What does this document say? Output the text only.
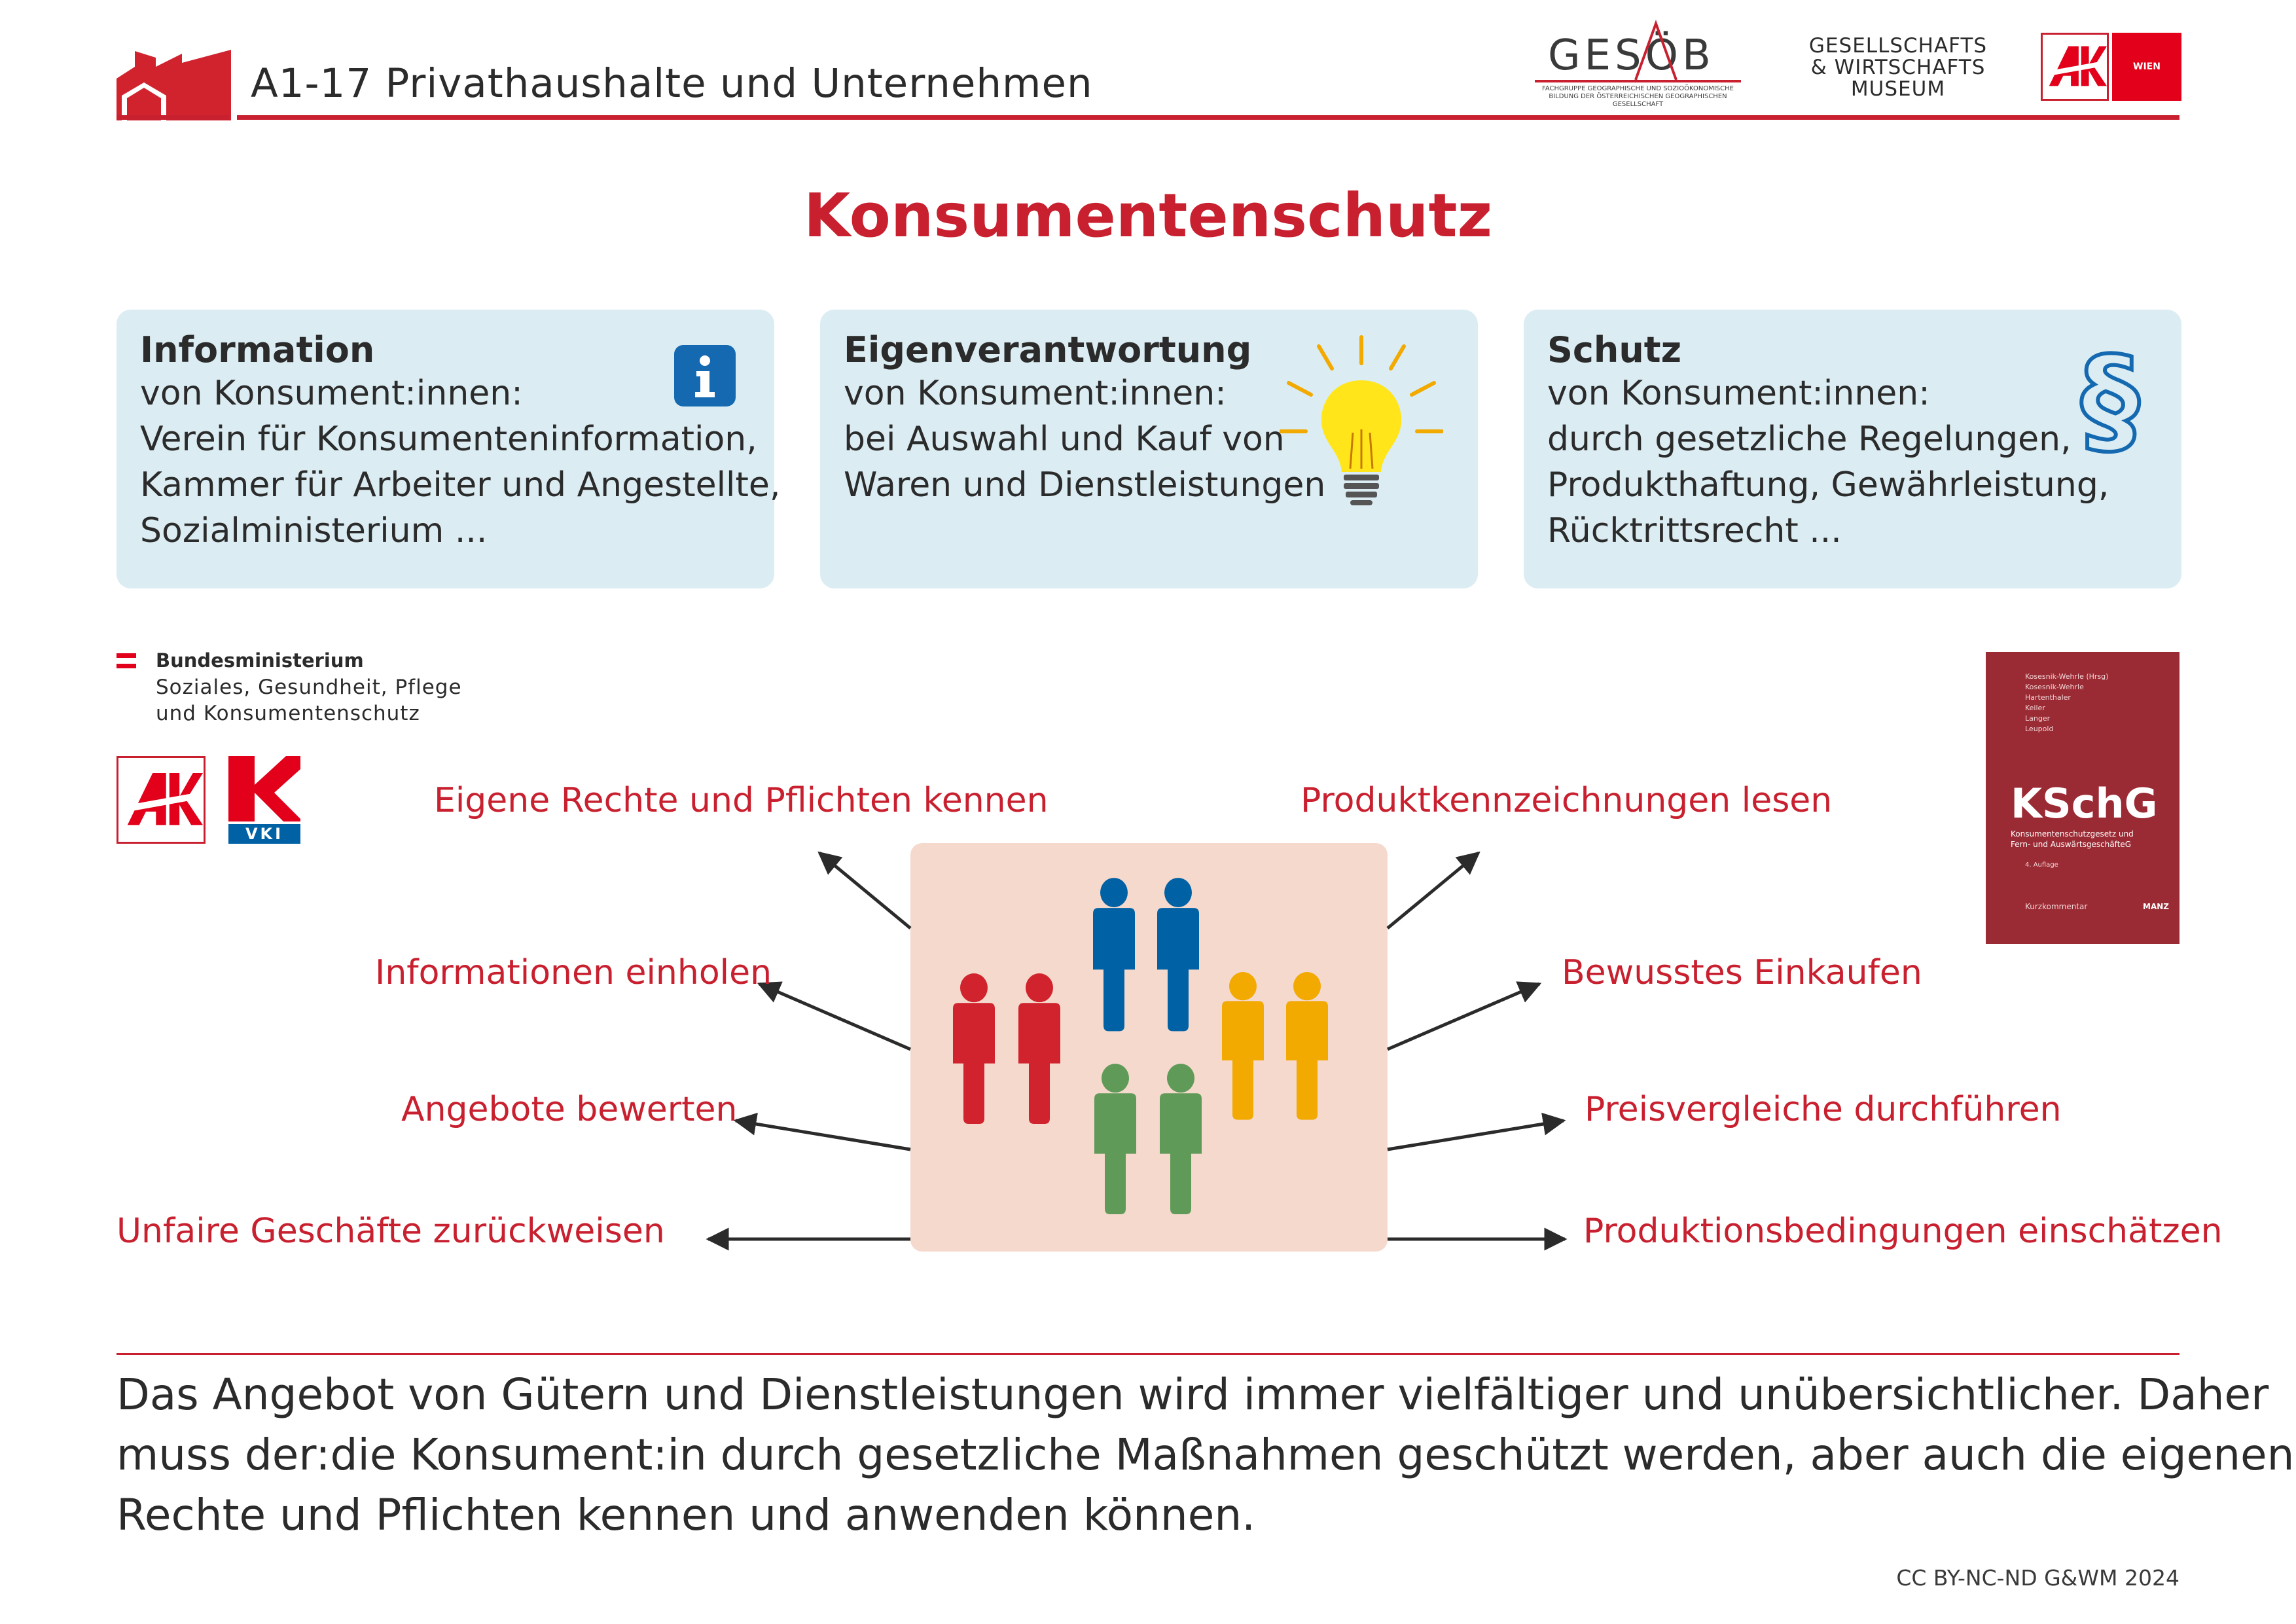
A1-17 Privathaushalte und Unternehmen
GESÖB
FACHGRUPPE GEOGRAPHISCHE UND SOZIOÖKONOMISCHE BILDUNG DER ÖSTERREICHISCHEN GEOGRAPHISCHEN GESELLSCHAFT
GESELLSCHAFTS
& WIRTSCHAFTS
MUSEUM
WIEN
Konsumentenschutz
Information
von Konsument:innen:
Verein für Konsumenteninformation,
Kammer für Arbeiter und Angestellte,
Sozialministerium ...
Eigenverantwortung
von Konsument:innen:
bei Auswahl und Kauf von
Waren und Dienstleistungen
Schutz
von Konsument:innen:
durch gesetzliche Regelungen,
Produkthaftung, Gewährleistung,
Rücktrittsrecht ...
§
Bundesministerium
Soziales, Gesundheit, Pflege
und Konsumentenschutz
VKI
Kosesnik-Wehrle (Hrsg)
Kosesnik-Wehrle
Hartenthaler
Keiler
Langer
Leupold
KSchG
Konsumentenschutzgesetz und
Fern- und AuswärtsgeschäfteG
4. Auflage
Kurzkommentar	MANZ
Eigene Rechte und Pflichten kennen
Informationen einholen
Angebote bewerten
Unfaire Geschäfte zurückweisen
Produktkennzeichnungen lesen
Bewusstes Einkaufen
Preisvergleiche durchführen
Produktionsbedingungen einschätzen
Das Angebot von Gütern und Dienstleistungen wird immer vielfältiger und unübersichtlicher. Daher
muss der:die Konsument:in durch gesetzliche Maßnahmen geschützt werden, aber auch die eigenen
Rechte und Pflichten kennen und anwenden können.
CC BY-NC-ND G&WM 2024
